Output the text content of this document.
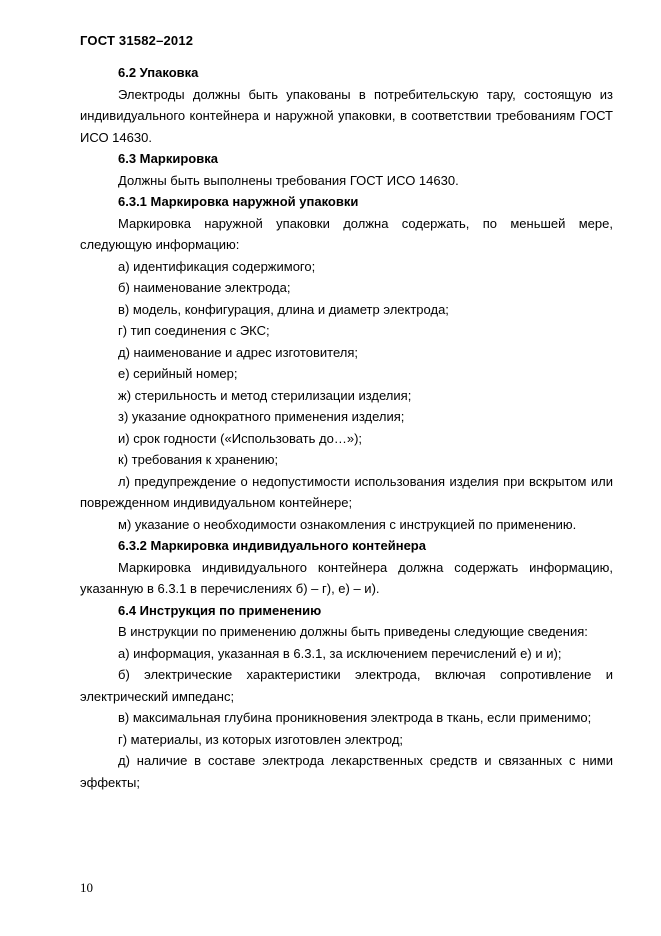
ГОСТ 31582–2012

6.2 Упаковка

Электроды должны быть упакованы в потребительскую тару, состоящую из индивидуального контейнера и наружной упаковки, в соответствии требованиям ГОСТ ИСО 14630.

6.3 Маркировка

Должны быть выполнены требования ГОСТ ИСО 14630.

6.3.1 Маркировка наружной упаковки

Маркировка наружной упаковки должна содержать, по меньшей мере, следующую информацию:

а) идентификация содержимого;

б) наименование электрода;

в) модель, конфигурация, длина и диаметр электрода;

г) тип соединения с ЭКС;

д) наименование и адрес изготовителя;

е) серийный номер;

ж) стерильность и метод стерилизации изделия;

з) указание однократного применения изделия;

и) срок годности («Использовать до…»);

к) требования к хранению;

л) предупреждение о недопустимости использования изделия при вскрытом или поврежденном индивидуальном контейнере;

м) указание о необходимости ознакомления с инструкцией по применению.

6.3.2 Маркировка индивидуального контейнера

Маркировка индивидуального контейнера должна содержать информацию, указанную в 6.3.1 в перечислениях б) – г), е) – и).

6.4 Инструкция по применению

В инструкции по применению должны быть приведены следующие сведения:

а) информация, указанная в 6.3.1, за исключением перечислений е) и и);

б) электрические характеристики электрода, включая сопротивление и электрический импеданс;

в) максимальная глубина проникновения электрода в ткань, если применимо;

г) материалы, из которых изготовлен электрод;

д) наличие в составе электрода лекарственных средств и связанных с ними эффекты;

10
